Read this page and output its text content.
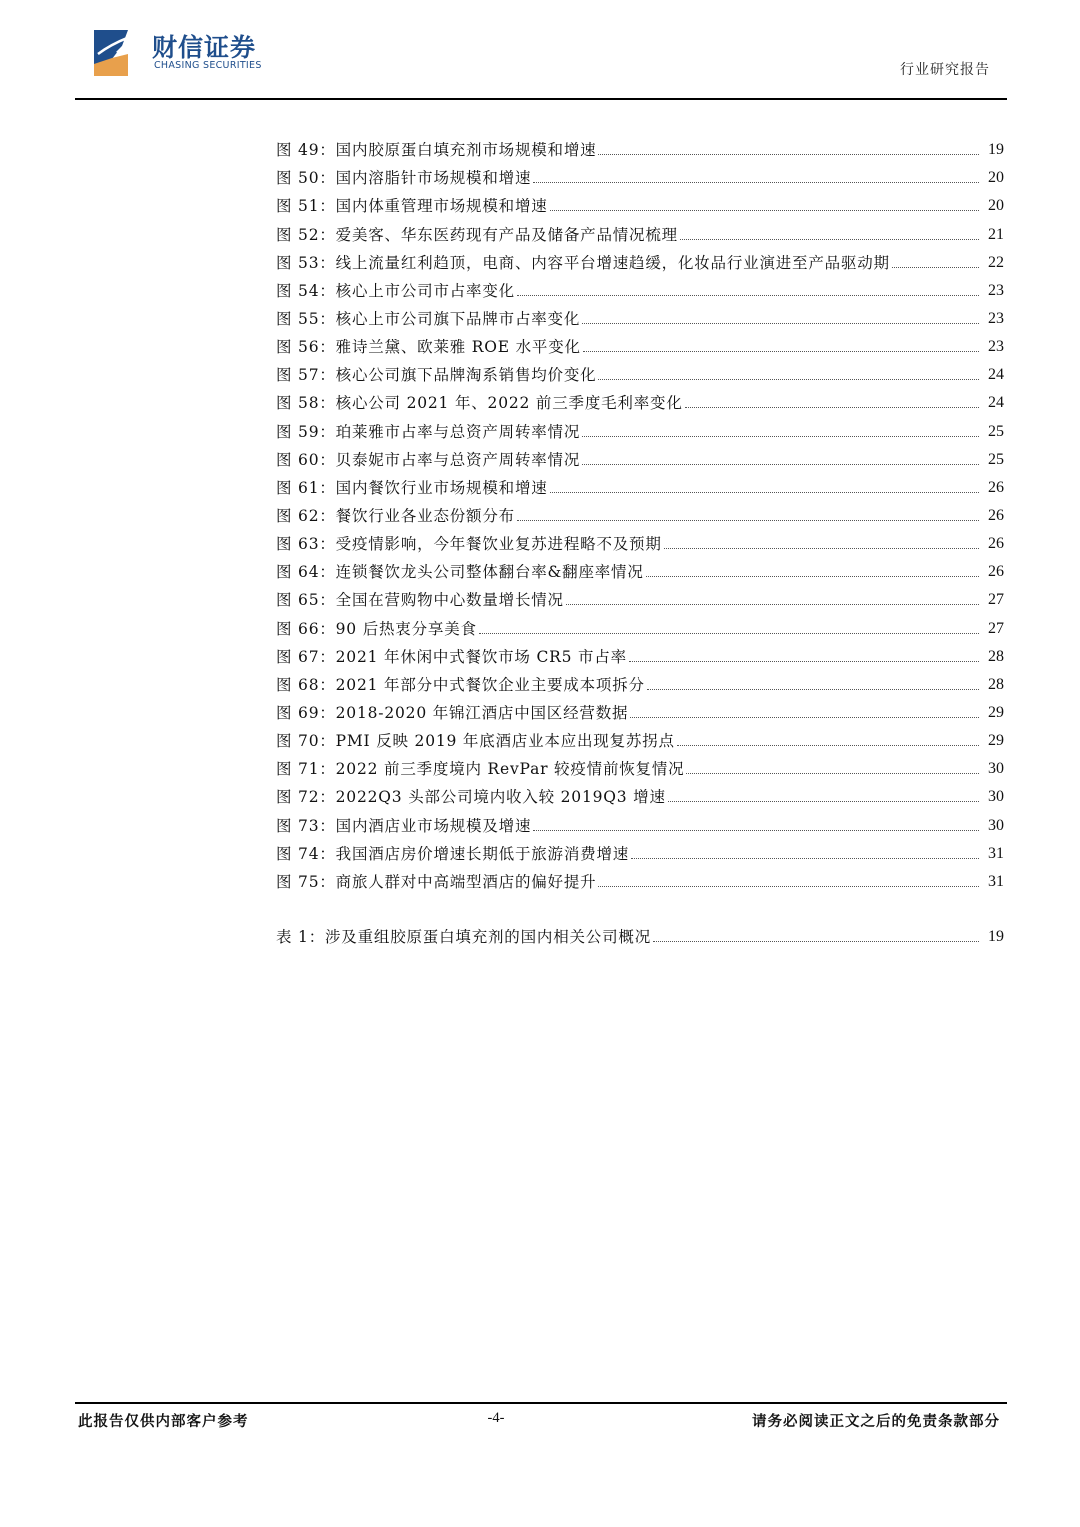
财信证券
CHASING SECURITIES	行业研究报告
图 49：国内胶原蛋白填充剂市场规模和增速	19
图 50：国内溶脂针市场规模和增速	20
图 51：国内体重管理市场规模和增速	20
图 52：爱美客、华东医药现有产品及储备产品情况梳理	21
图 53：线上流量红利趋顶，电商、内容平台增速趋缓，化妆品行业演进至产品驱动期	22
图 54：核心上市公司市占率变化	23
图 55：核心上市公司旗下品牌市占率变化	23
图 56：雅诗兰黛、欧莱雅 ROE 水平变化	23
图 57：核心公司旗下品牌淘系销售均价变化	24
图 58：核心公司 2021 年、2022 前三季度毛利率变化	24
图 59：珀莱雅市占率与总资产周转率情况	25
图 60：贝泰妮市占率与总资产周转率情况	25
图 61：国内餐饮行业市场规模和增速	26
图 62：餐饮行业各业态份额分布	26
图 63：受疫情影响，今年餐饮业复苏进程略不及预期	26
图 64：连锁餐饮龙头公司整体翻台率&翻座率情况	26
图 65：全国在营购物中心数量增长情况	27
图 66：90 后热衷分享美食	27
图 67：2021 年休闲中式餐饮市场 CR5 市占率	28
图 68：2021 年部分中式餐饮企业主要成本项拆分	28
图 69：2018-2020 年锦江酒店中国区经营数据	29
图 70：PMI 反映 2019 年底酒店业本应出现复苏拐点	29
图 71：2022 前三季度境内 RevPar 较疫情前恢复情况	30
图 72：2022Q3 头部公司境内收入较 2019Q3 增速	30
图 73：国内酒店业市场规模及增速	30
图 74：我国酒店房价增速长期低于旅游消费增速	31
图 75：商旅人群对中高端型酒店的偏好提升	31
表 1：涉及重组胶原蛋白填充剂的国内相关公司概况	19
此报告仅供内部客户参考	-4-	请务必阅读正文之后的免责条款部分
